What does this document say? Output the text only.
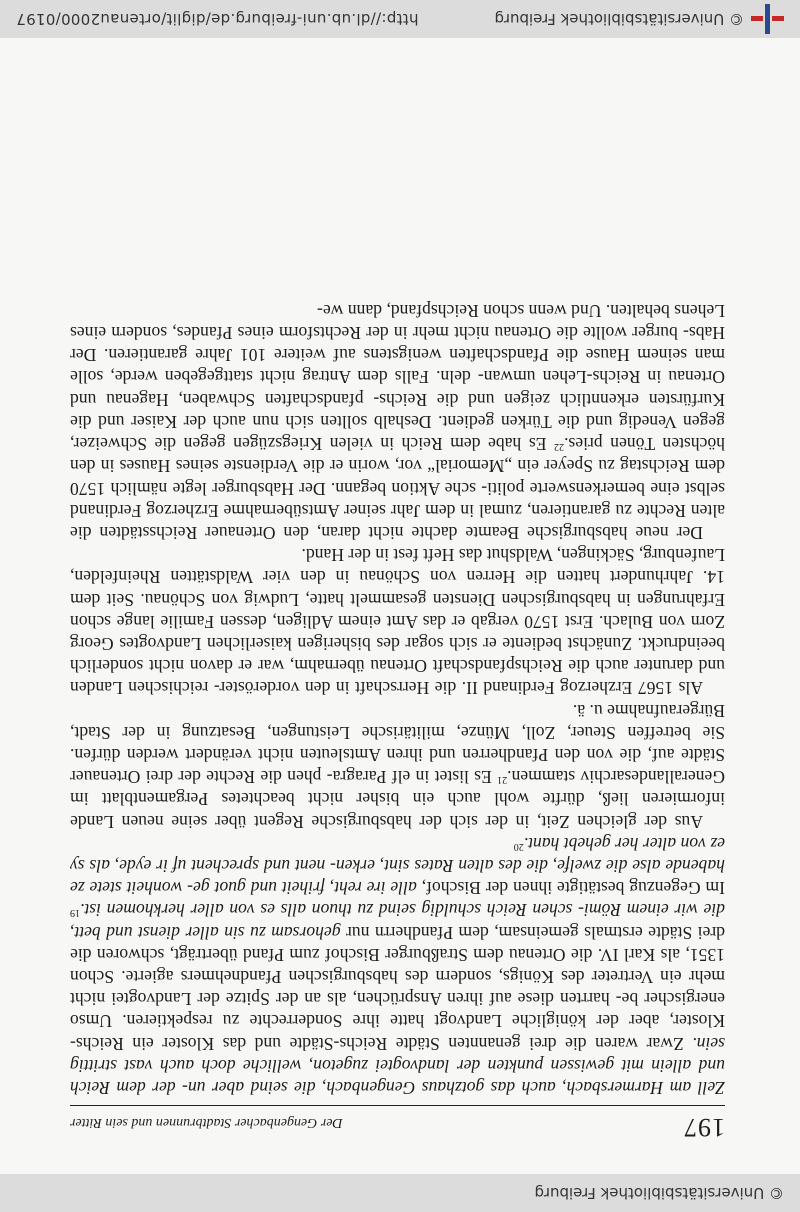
© Universitätsbibliothek Freiburg
197
Der Gengenbacher Stadtbrunnen und sein Ritter

Zell am Harmersbach, auch das gotzhaus Gengenbach, die seind aber un- der dem Reich und allein mit gewissen punkten der landvogtei zugeton, welliche doch auch vast strittig sein. Zwar waren die drei genannten Städte Reichs-Städte und das Kloster ein Reichs-Kloster, aber der königliche Landvogt hatte ihre Sonderrechte zu respektieren. Umso energischer be- harrten diese auf ihren Ansprüchen, als an der Spitze der Landvogtei nicht mehr ein Vertreter des Königs, sondern des habsburgischen Pfandnehmers agierte. Schon 1351, als Karl IV. die Ortenau dem Straßburger Bischof zum Pfand überträgt, schworen die drei Städte erstmals gemeinsam, dem Pfandherrn nur gehorsam zu sin aller dienst und bett, die wir einem Römi- schen Reich schuldig seind zu thuon alls es von aller herkhomen ist.$^{19}$ Im Gegenzug bestätigte ihnen der Bischof, alle ire reht, friheit und guot ge- wonheit stete ze habende alse die zwelfe, die des alten Rates sint, erken- nent und sprechent uf ir eyde, als sy ez von alter her gehebt hant.$^{20}$

Aus der gleichen Zeit, in der sich der habsburgische Regent über seine neuen Lande informieren ließ, dürfte wohl auch ein bisher nicht beachtetes Pergamentblatt im Generallandesarchiv stammen.$^{21}$ Es listet in elf Paragra- phen die Rechte der drei Ortenauer Städte auf, die von den Pfandherren und ihren Amtsleuten nicht verändert werden dürfen. Sie betreffen Steuer, Zoll, Münze, militärische Leistungen, Besatzung in der Stadt, Bürgeraufnahme u. ä.

Als 1567 Erzherzog Ferdinand II. die Herrschaft in den vorderöster- reichischen Landen und darunter auch die Reichspfandschaft Ortenau übernahm, war er davon nicht sonderlich beeindruckt. Zunächst bediente er sich sogar des bisherigen kaiserlichen Landvogtes Georg Zorn von Bulach. Erst 1570 vergab er das Amt einem Adligen, dessen Familie lange schon Erfahrungen in habsburgischen Diensten gesammelt hatte, Ludwig von Schönau. Seit dem 14. Jahrhundert hatten die Herren von Schönau in den vier Waldstätten Rheinfelden, Laufenburg, Säckingen, Waldshut das Heft fest in der Hand.

Der neue habsburgische Beamte dachte nicht daran, den Ortenauer Reichsstädten die alten Rechte zu garantieren, zumal in dem Jahr seiner Amtsübernahme Erzherzog Ferdinand selbst eine bemerkenswerte politi- sche Aktion begann. Der Habsburger legte nämlich 1570 dem Reichstag zu Speyer ein „Memorial“ vor, worin er die Verdienste seines Hauses in den höchsten Tönen pries.$^{22}$ Es habe dem Reich in vielen Kriegszügen gegen die Schweizer, gegen Venedig und die Türken gedient. Deshalb sollten sich nun auch der Kaiser und die Kurfürsten erkenntlich zeigen und die Reichs- pfandschaften Schwaben, Hagenau und Ortenau in Reichs-Lehen umwan- deln. Falls dem Antrag nicht stattgegeben werde, solle man seinem Hause die Pfandschaften wenigstens auf weitere 101 Jahre garantieren. Der Habs- burger wollte die Ortenau nicht mehr in der Rechtsform eines Pfandes, sondern eines Lehens behalten. Und wenn schon Reichspfand, dann we-

© Universitätsbibliothek Freiburg
http://dl.ub.uni-freiburg.de/diglit/ortenau2000/0197
